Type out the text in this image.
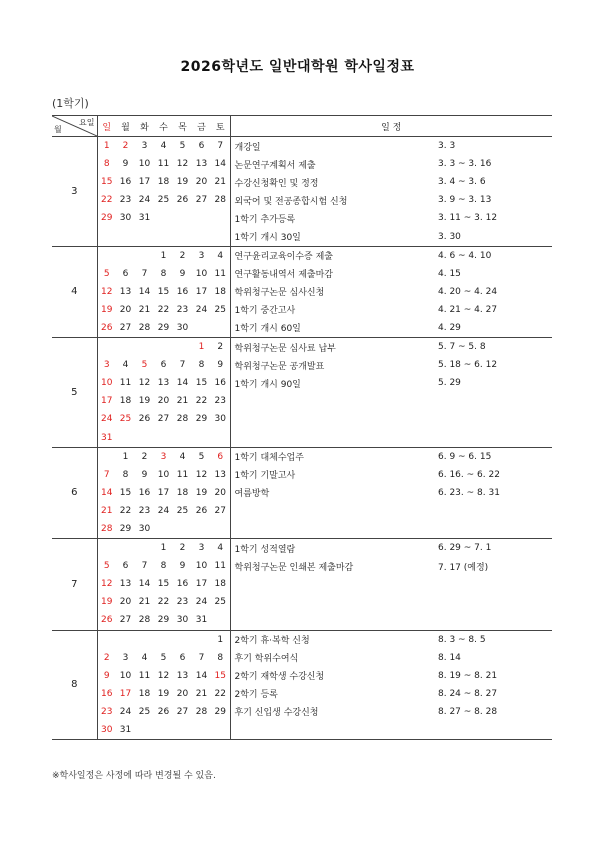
2026학년도 일반대학원 학사일정표
(1학기)
요일
월	일	월	화	수	목	금	토	일 정	
3	1	2	3	4	5	6	7	개강일	3. 3
	8	9	10	11	12	13	14	논문연구계획서 제출	3. 3 ~ 3. 16
	15	16	17	18	19	20	21	수강신청확인 및 정정	3. 4 ~ 3. 6
	22	23	24	25	26	27	28	외국어 및 전공종합시험 신청	3. 9 ~ 3. 13
	29	30	31					1학기 추가등록	3. 11 ~ 3. 12
								1학기 개시 30일	3. 30
4				1	2	3	4	연구윤리교육이수증 제출	4. 6 ~ 4. 10
	5	6	7	8	9	10	11	연구활동내역서 제출마감	4. 15
	12	13	14	15	16	17	18	학위청구논문 심사신청	4. 20 ~ 4. 24
	19	20	21	22	23	24	25	1학기 중간고사	4. 21 ~ 4. 27
	26	27	28	29	30			1학기 개시 60일	4. 29
5						1	2	학위청구논문 심사료 납부	5. 7 ~ 5. 8
	3	4	5	6	7	8	9	학위청구논문 공개발표	5. 18 ~ 6. 12
	10	11	12	13	14	15	16	1학기 개시 90일	5. 29
	17	18	19	20	21	22	23		
	24	25	26	27	28	29	30		
	31								
6		1	2	3	4	5	6	1학기 대체수업주	6. 9 ~ 6. 15
	7	8	9	10	11	12	13	1학기 기말고사	6. 16. ~ 6. 22
	14	15	16	17	18	19	20	여름방학	6. 23. ~ 8. 31
	21	22	23	24	25	26	27		
	28	29	30						
7				1	2	3	4	1학기 성적열람	6. 29 ~ 7. 1
	5	6	7	8	9	10	11	학위청구논문 인쇄본 제출마감	7. 17 (예정)
	12	13	14	15	16	17	18		
	19	20	21	22	23	24	25		
	26	27	28	29	30	31			
8							1	2학기 휴·복학 신청	8. 3 ~ 8. 5
	2	3	4	5	6	7	8	후기 학위수여식	8. 14
	9	10	11	12	13	14	15	2학기 재학생 수강신청	8. 19 ~ 8. 21
	16	17	18	19	20	21	22	2학기 등록	8. 24 ~ 8. 27
	23	24	25	26	27	28	29	후기 신입생 수강신청	8. 27 ~ 8. 28
	30	31							
※학사일정은 사정에 따라 변경될 수 있음.
